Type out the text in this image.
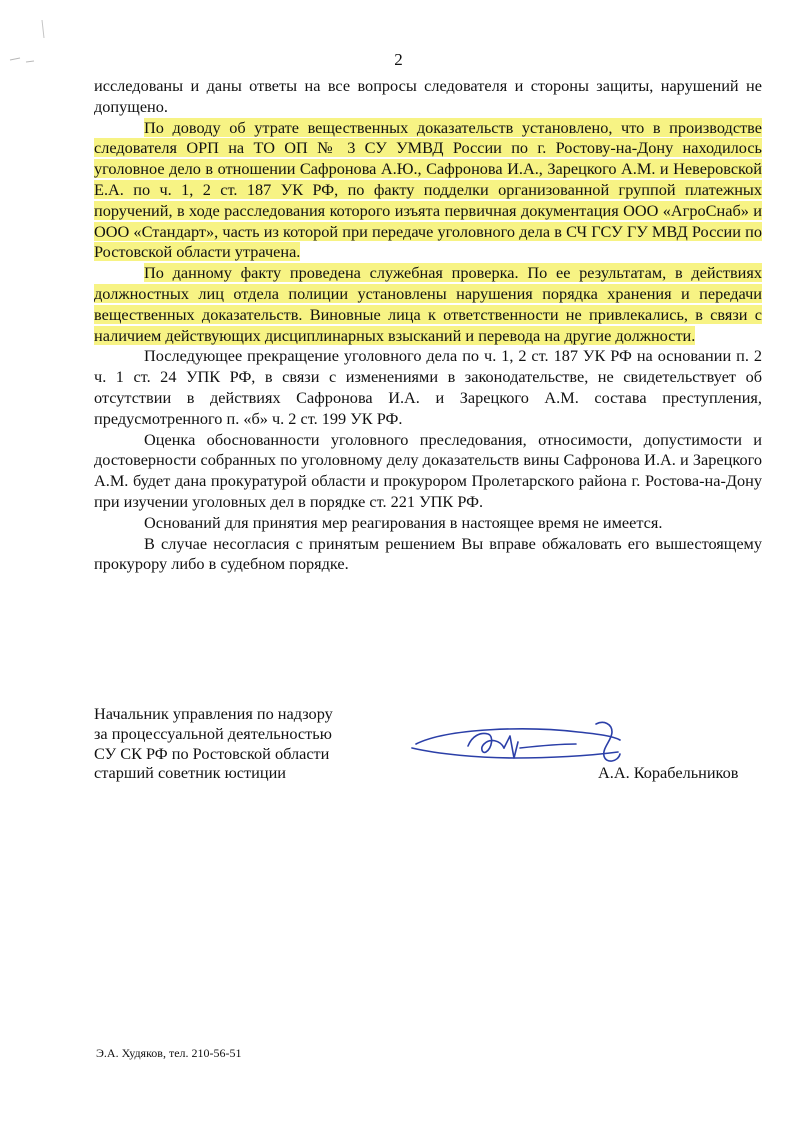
2

исследованы и даны ответы на все вопросы следователя и стороны защиты, нарушений не допущено.

По доводу об утрате вещественных доказательств установлено, что в производстве следователя ОРП на ТО ОП № 3 СУ УМВД России по г. Ростову-на-Дону находилось уголовное дело в отношении Сафронова А.Ю., Сафронова И.А., Зарецкого А.М. и Неверовской Е.А. по ч. 1, 2 ст. 187 УК РФ, по факту подделки организованной группой платежных поручений, в ходе расследования которого изъята первичная документация ООО «АгроСнаб» и ООО «Стандарт», часть из которой при передаче уголовного дела в СЧ ГСУ ГУ МВД России по Ростовской области утрачена.

По данному факту проведена служебная проверка. По ее результатам, в действиях должностных лиц отдела полиции установлены нарушения порядка хранения и передачи вещественных доказательств. Виновные лица к ответственности не привлекались, в связи с наличием действующих дисциплинарных взысканий и перевода на другие должности.

Последующее прекращение уголовного дела по ч. 1, 2 ст. 187 УК РФ на основании п. 2 ч. 1 ст. 24 УПК РФ, в связи с изменениями в законодательстве, не свидетельствует об отсутствии в действиях Сафронова И.А. и Зарецкого А.М. состава преступления, предусмотренного п. «б» ч. 2 ст. 199 УК РФ.

Оценка обоснованности уголовного преследования, относимости, допустимости и достоверности собранных по уголовному делу доказательств вины Сафронова И.А. и Зарецкого А.М. будет дана прокуратурой области и прокурором Пролетарского района г. Ростова-на-Дону при изучении уголовных дел в порядке ст. 221 УПК РФ.

Оснований для принятия мер реагирования в настоящее время не имеется.

В случае несогласия с принятым решением Вы вправе обжаловать его вышестоящему прокурору либо в судебном порядке.

Начальник управления по надзору
за процессуальной деятельностью
СУ СК РФ по Ростовской области
старший советник юстиции	А.А. Корабельников
Э.А. Худяков, тел. 210-56-51
